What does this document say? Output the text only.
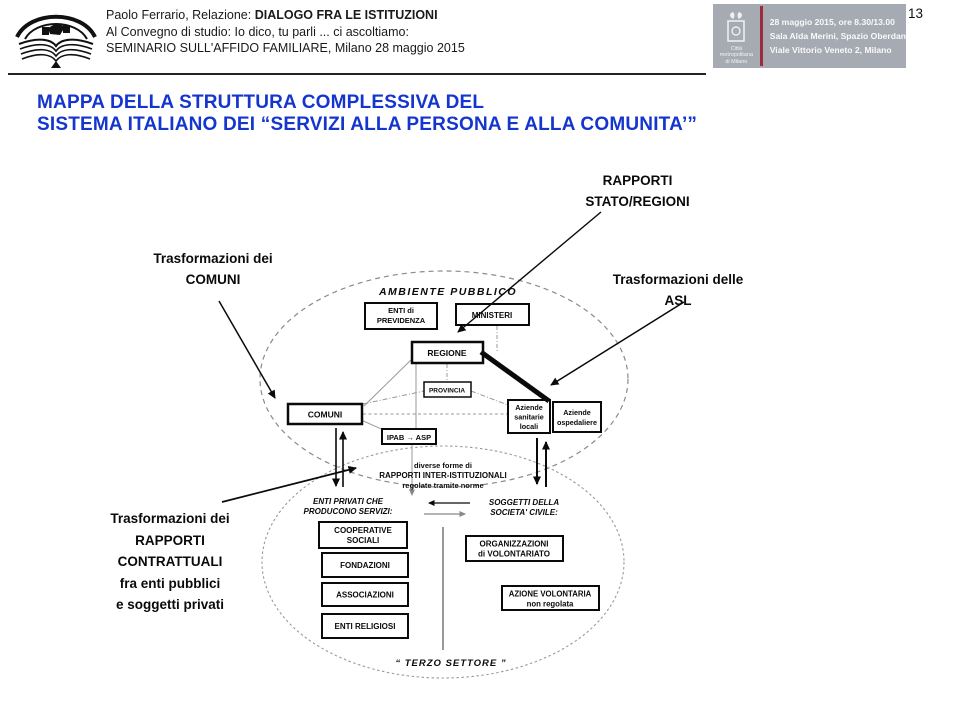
Paolo Ferrario, Relazione: DIALOGO FRA LE ISTITUZIONI
Al Convegno di studio: Io dico, tu parli ... ci ascoltiamo:
SEMINARIO SULL'AFFIDO FAMILIARE, Milano 28 maggio 2015
13
Città
metropolitana
di Milano
28 maggio 2015, ore 8.30/13.00
Sala Alda Merini, Spazio Oberdan
Viale Vittorio Veneto 2, Milano
MAPPA DELLA STRUTTURA COMPLESSIVA DEL
SISTEMA ITALIANO DEI “SERVIZI ALLA PERSONA E ALLA COMUNITA’”
RAPPORTI
STATO/REGIONI
Trasformazioni dei
COMUNI	Trasformazioni delle
ASL
Trasformazioni dei
RAPPORTI
CONTRATTUALI
fra enti pubblici
e soggetti privati
ENTI di
PREVIDENZA
MINISTERI
REGIONE
PROVINCIA
COMUNI
IPAB → ASP
Aziende
sanitarie
locali
Aziende
ospedaliere
COOPERATIVE
SOCIALI
FONDAZIONI
ASSOCIAZIONI
ENTI RELIGIOSI
ORGANIZZAZIONI
di VOLONTARIATO
AZIONE VOLONTARIA
non regolata
AMBIENTE PUBBLICO
diverse forme di
RAPPORTI INTER-ISTITUZIONALI
regolate tramite norme
ENTI PRIVATI CHE
PRODUCONO SERVIZI:
SOGGETTI DELLA
SOCIETA' CIVILE:
“ TERZO SETTORE ”
